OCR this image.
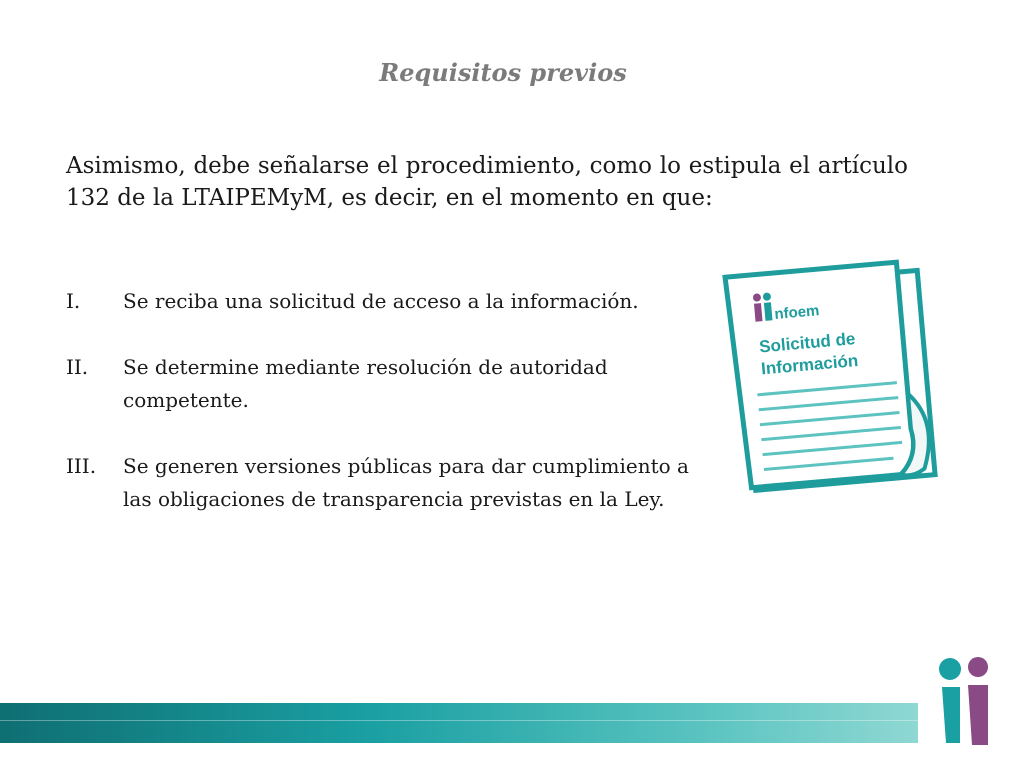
Requisitos previos

Asimismo, debe señalarse el procedimiento, como lo estipula el artículo 132 de la LTAIPEMyM, es decir, en el momento en que:

I.	Se reciba una solicitud de acceso a la información.
II.	Se determine mediante resolución de autoridad competente.
III.	Se generen versiones públicas para dar cumplimiento a las obligaciones de transparencia previstas en la Ley.
nfoem
Solicitud de
Información
